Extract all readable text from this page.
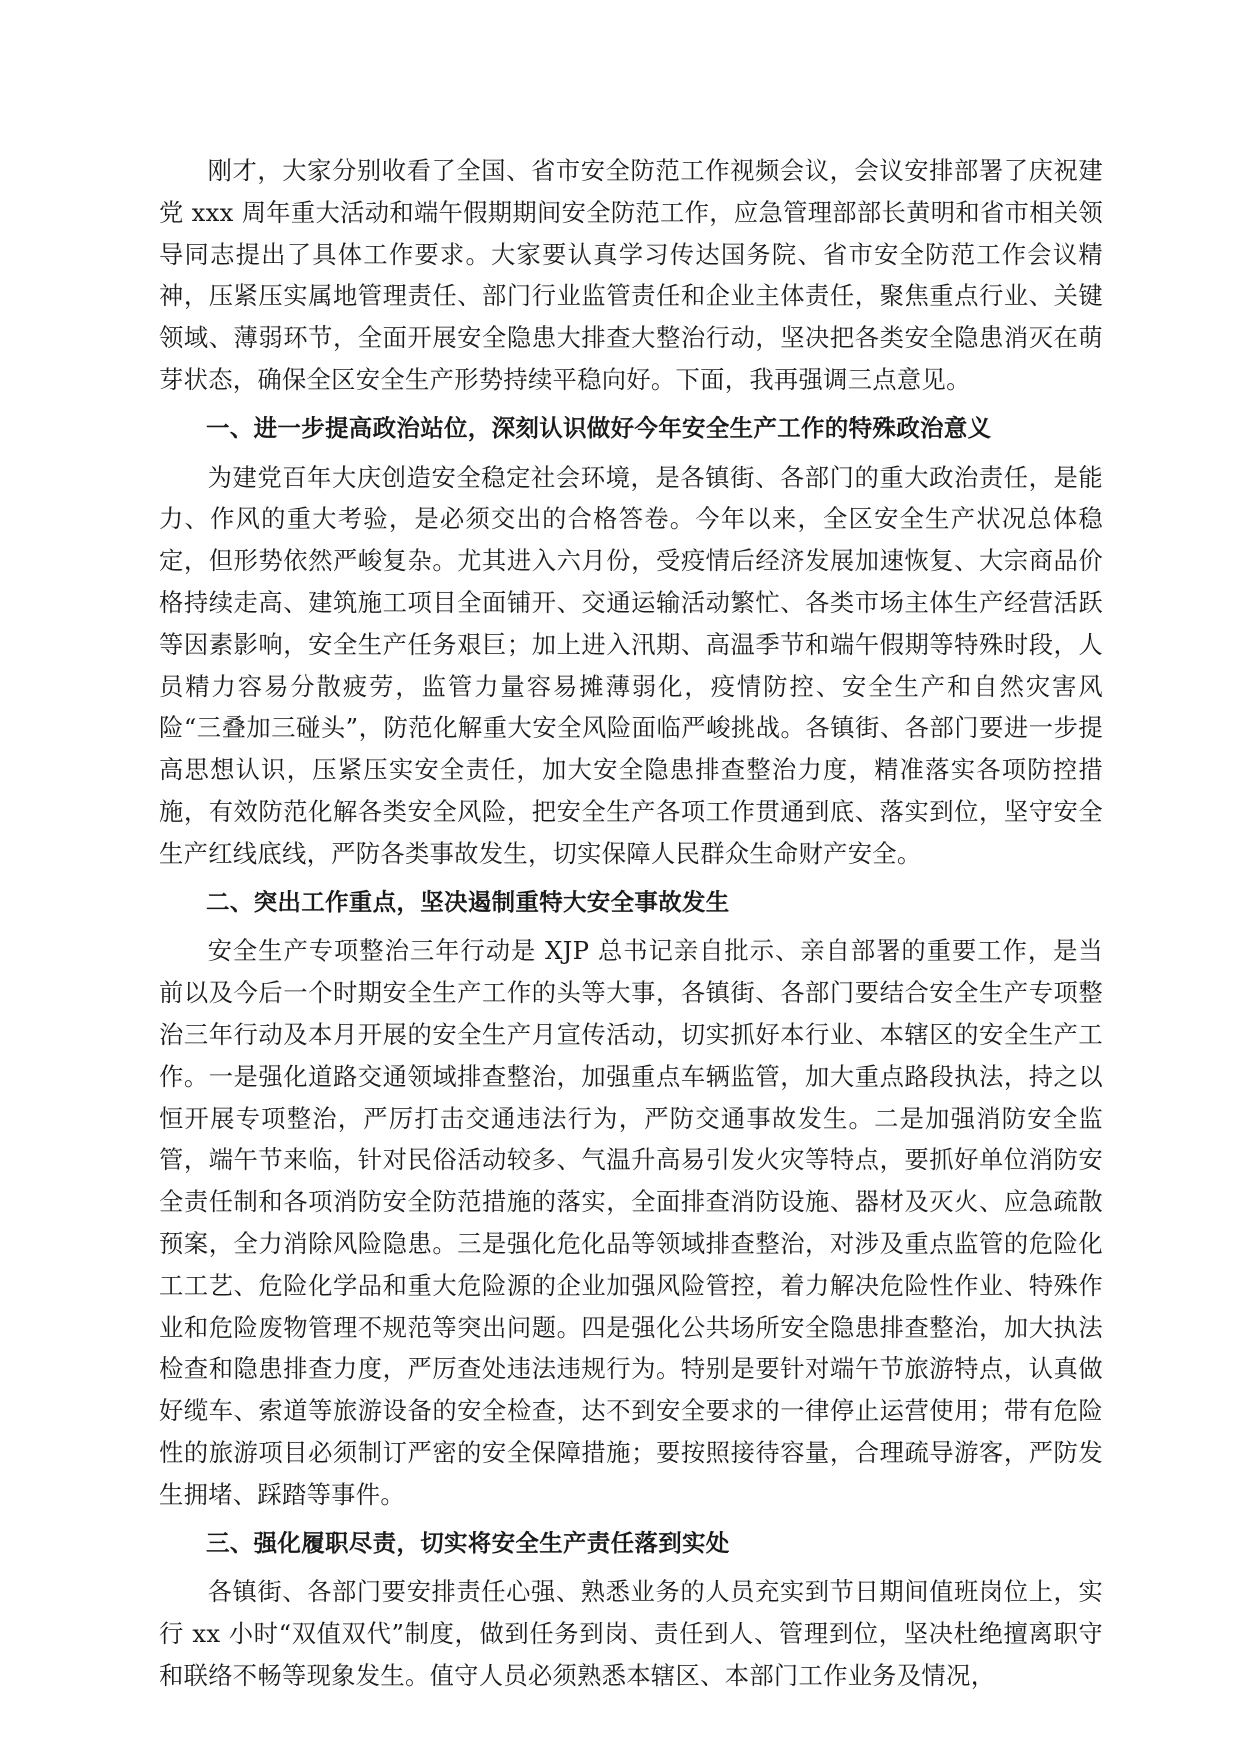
刚才，大家分别收看了全国、省市安全防范工作视频会议，会议安排部署了庆祝建党 xxx 周年重大活动和端午假期期间安全防范工作，应急管理部部长黄明和省市相关领导同志提出了具体工作要求。大家要认真学习传达国务院、省市安全防范工作会议精神，压紧压实属地管理责任、部门行业监管责任和企业主体责任，聚焦重点行业、关键领域、薄弱环节，全面开展安全隐患大排查大整治行动，坚决把各类安全隐患消灭在萌芽状态，确保全区安全生产形势持续平稳向好。下面，我再强调三点意见。

一、进一步提高政治站位，深刻认识做好今年安全生产工作的特殊政治意义

为建党百年大庆创造安全稳定社会环境，是各镇街、各部门的重大政治责任，是能力、作风的重大考验，是必须交出的合格答卷。今年以来，全区安全生产状况总体稳定，但形势依然严峻复杂。尤其进入六月份，受疫情后经济发展加速恢复、大宗商品价格持续走高、建筑施工项目全面铺开、交通运输活动繁忙、各类市场主体生产经营活跃等因素影响，安全生产任务艰巨；加上进入汛期、高温季节和端午假期等特殊时段，人员精力容易分散疲劳，监管力量容易摊薄弱化，疫情防控、安全生产和自然灾害风险“三叠加三碰头”，防范化解重大安全风险面临严峻挑战。各镇街、各部门要进一步提高思想认识，压紧压实安全责任，加大安全隐患排查整治力度，精准落实各项防控措施，有效防范化解各类安全风险，把安全生产各项工作贯通到底、落实到位，坚守安全生产红线底线，严防各类事故发生，切实保障人民群众生命财产安全。

二、突出工作重点，坚决遏制重特大安全事故发生

安全生产专项整治三年行动是 XJP 总书记亲自批示、亲自部署的重要工作，是当前以及今后一个时期安全生产工作的头等大事，各镇街、各部门要结合安全生产专项整治三年行动及本月开展的安全生产月宣传活动，切实抓好本行业、本辖区的安全生产工作。一是强化道路交通领域排查整治，加强重点车辆监管，加大重点路段执法，持之以恒开展专项整治，严厉打击交通违法行为，严防交通事故发生。二是加强消防安全监管，端午节来临，针对民俗活动较多、气温升高易引发火灾等特点，要抓好单位消防安全责任制和各项消防安全防范措施的落实，全面排查消防设施、器材及灭火、应急疏散预案，全力消除风险隐患。三是强化危化品等领域排查整治，对涉及重点监管的危险化工工艺、危险化学品和重大危险源的企业加强风险管控，着力解决危险性作业、特殊作业和危险废物管理不规范等突出问题。四是强化公共场所安全隐患排查整治，加大执法检查和隐患排查力度，严厉查处违法违规行为。特别是要针对端午节旅游特点，认真做好缆车、索道等旅游设备的安全检查，达不到安全要求的一律停止运营使用；带有危险性的旅游项目必须制订严密的安全保障措施；要按照接待容量，合理疏导游客，严防发生拥堵、踩踏等事件。

三、强化履职尽责，切实将安全生产责任落到实处

各镇街、各部门要安排责任心强、熟悉业务的人员充实到节日期间值班岗位上，实行 xx 小时“双值双代”制度，做到任务到岗、责任到人、管理到位，坚决杜绝擅离职守和联络不畅等现象发生。值守人员必须熟悉本辖区、本部门工作业务及情况，
